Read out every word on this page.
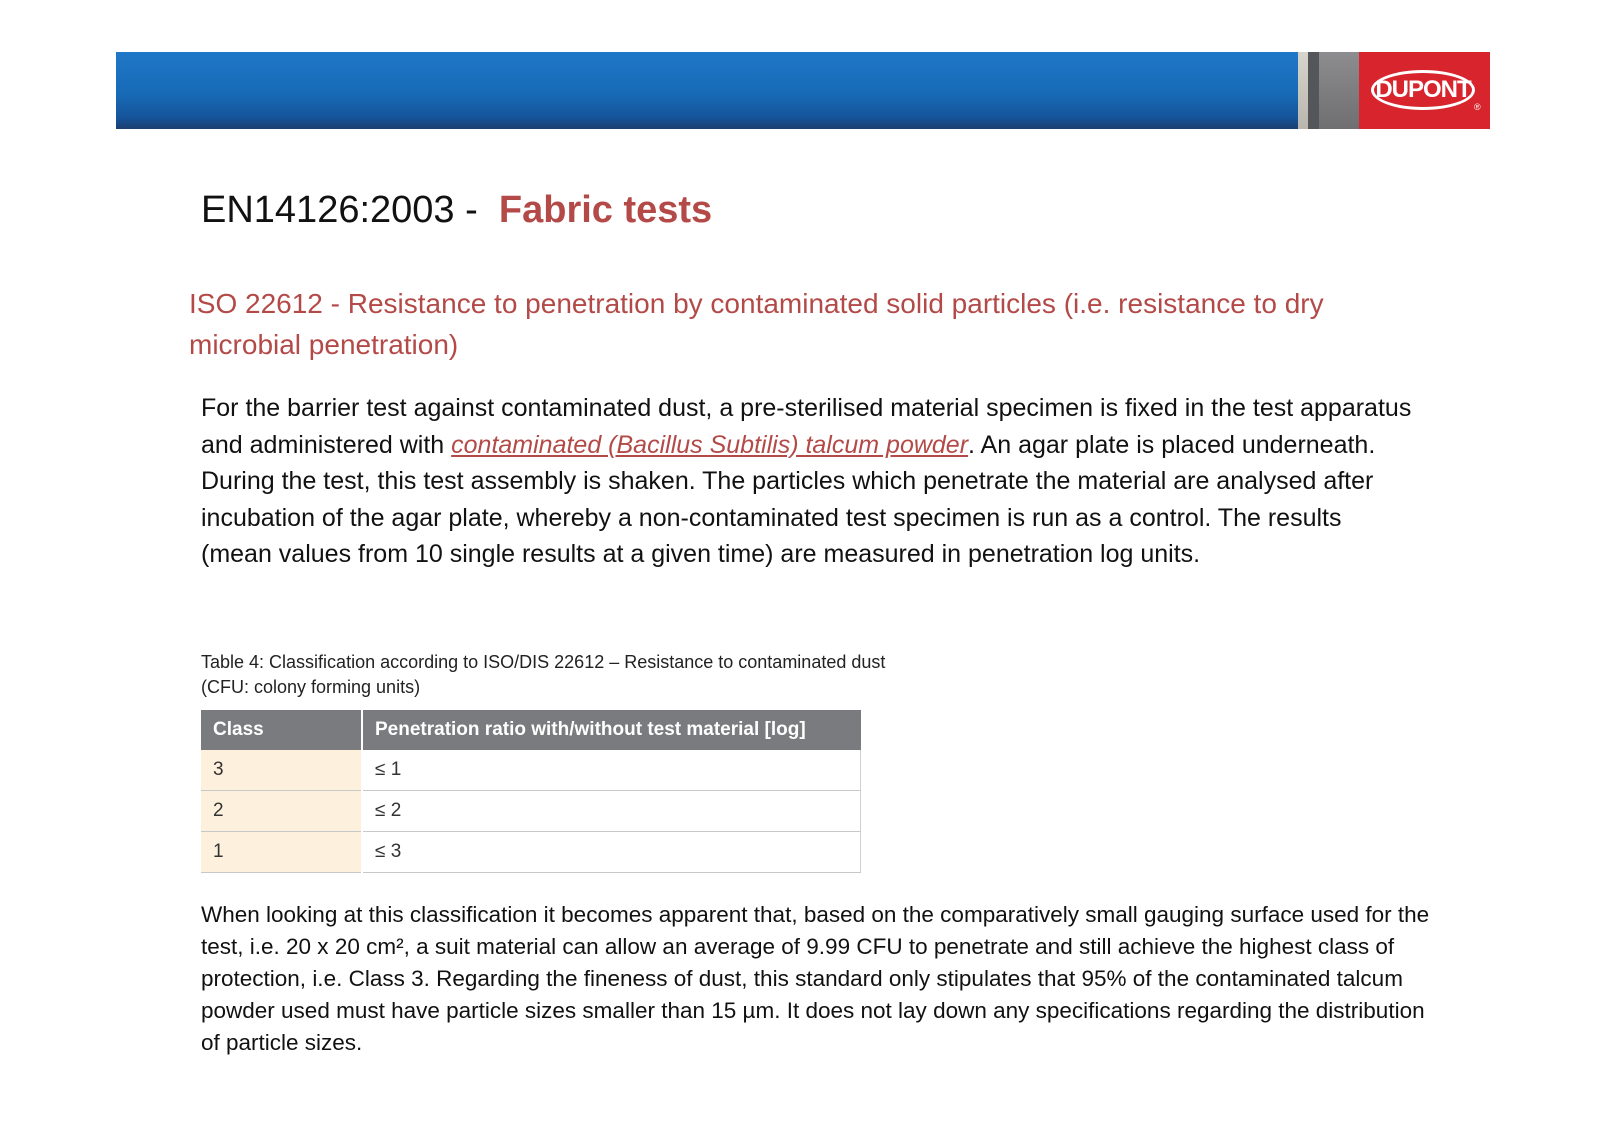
DUPONT
®
EN14126:2003 - Fabric tests
ISO 22612 - Resistance to penetration by contaminated solid particles (i.e. resistance to dry microbial penetration)
For the barrier test against contaminated dust, a pre-sterilised material specimen is fixed in the test apparatus and administered with contaminated (Bacillus Subtilis) talcum powder. An agar plate is placed underneath. During the test, this test assembly is shaken. The particles which penetrate the material are analysed after incubation of the agar plate, whereby a non-contaminated test specimen is run as a control. The results (mean values from 10 single results at a given time) are measured in penetration log units.
Table 4: Classification according to ISO/DIS 22612 – Resistance to contaminated dust
(CFU: colony forming units)
Class	Penetration ratio with/without test material [log]
3	≤ 1
2	≤ 2
1	≤ 3
When looking at this classification it becomes apparent that, based on the comparatively small gauging surface used for the test, i.e. 20 x 20 cm², a suit material can allow an average of 9.99 CFU to penetrate and still achieve the highest class of protection, i.e. Class 3. Regarding the fineness of dust, this standard only stipulates that 95% of the contaminated talcum powder used must have particle sizes smaller than 15 µm. It does not lay down any specifications regarding the distribution of particle sizes.
